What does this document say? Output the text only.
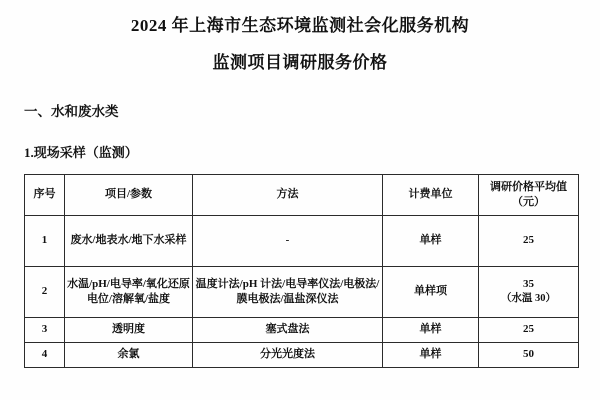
2024 年上海市生态环境监测社会化服务机构
监测项目调研服务价格
一、水和废水类
1.现场采样（监测）
序号	项目/参数	方法	计费单位	调研价格平均值（元）
1	废水/地表水/地下水采样	-	单样	25
2	水温/pH/电导率/氧化还原电位/溶解氧/盐度	温度计法/pH 计法/电导率仪法/电极法/膜电极法/温盐深仪法	单样项	35
（水温 30）

3	透明度	塞式盘法	单样	25
4	余氯	分光光度法	单样	50
